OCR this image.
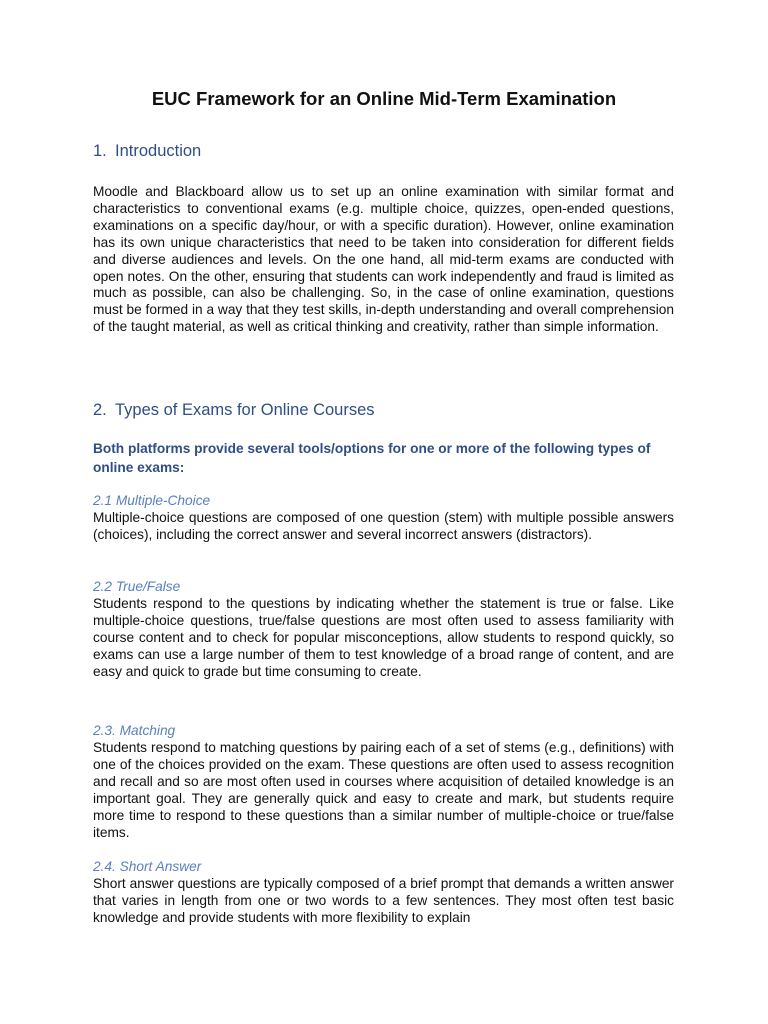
EUC Framework for an Online Mid-Term Examination
1. Introduction

Moodle and Blackboard allow us to set up an online examination with similar format and characteristics to conventional exams (e.g. multiple choice, quizzes, open-ended questions, examinations on a specific day/hour, or with a specific duration). However, online examination has its own unique characteristics that need to be taken into consideration for different fields and diverse audiences and levels. On the one hand, all mid-term exams are conducted with open notes. On the other, ensuring that students can work independently and fraud is limited as much as possible, can also be challenging. So, in the case of online examination, questions must be formed in a way that they test skills, in-depth understanding and overall comprehension of the taught material, as well as critical thinking and creativity, rather than simple information.

2. Types of Exams for Online Courses

Both platforms provide several tools/options for one or more of the following types of online exams:

2.1 Multiple-Choice

Multiple-choice questions are composed of one question (stem) with multiple possible answers (choices), including the correct answer and several incorrect answers (distractors).

2.2 True/False

Students respond to the questions by indicating whether the statement is true or false. Like multiple-choice questions, true/false questions are most often used to assess familiarity with course content and to check for popular misconceptions, allow students to respond quickly, so exams can use a large number of them to test knowledge of a broad range of content, and are easy and quick to grade but time consuming to create.

2.3. Matching

Students respond to matching questions by pairing each of a set of stems (e.g., definitions) with one of the choices provided on the exam. These questions are often used to assess recognition and recall and so are most often used in courses where acquisition of detailed knowledge is an important goal. They are generally quick and easy to create and mark, but students require more time to respond to these questions than a similar number of multiple-choice or true/false items.

2.4. Short Answer

Short answer questions are typically composed of a brief prompt that demands a written answer that varies in length from one or two words to a few sentences. They most often test basic knowledge and provide students with more flexibility to explain
